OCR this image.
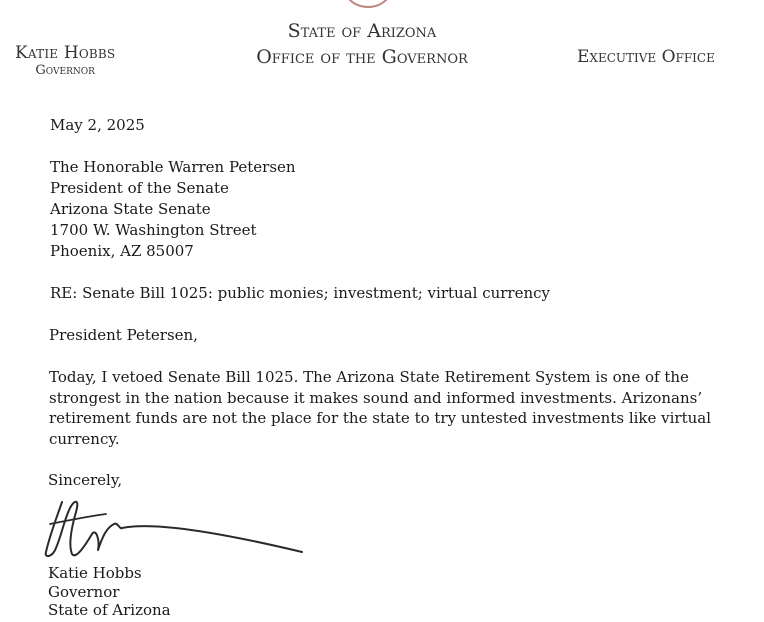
Katie Hobbs
Governor
State of Arizona
Office of the Governor	Executive Office
May 2, 2025
The Honorable Warren Petersen
President of the Senate
Arizona State Senate
1700 W. Washington Street
Phoenix, AZ 85007
RE: Senate Bill 1025: public monies; investment; virtual currency
President Petersen,
Today, I vetoed Senate Bill 1025. The Arizona State Retirement System is one of the
strongest in the nation because it makes sound and informed investments. Arizonans’
retirement funds are not the place for the state to try untested investments like virtual
currency.
Sincerely,
Katie Hobbs
Governor
State of Arizona
